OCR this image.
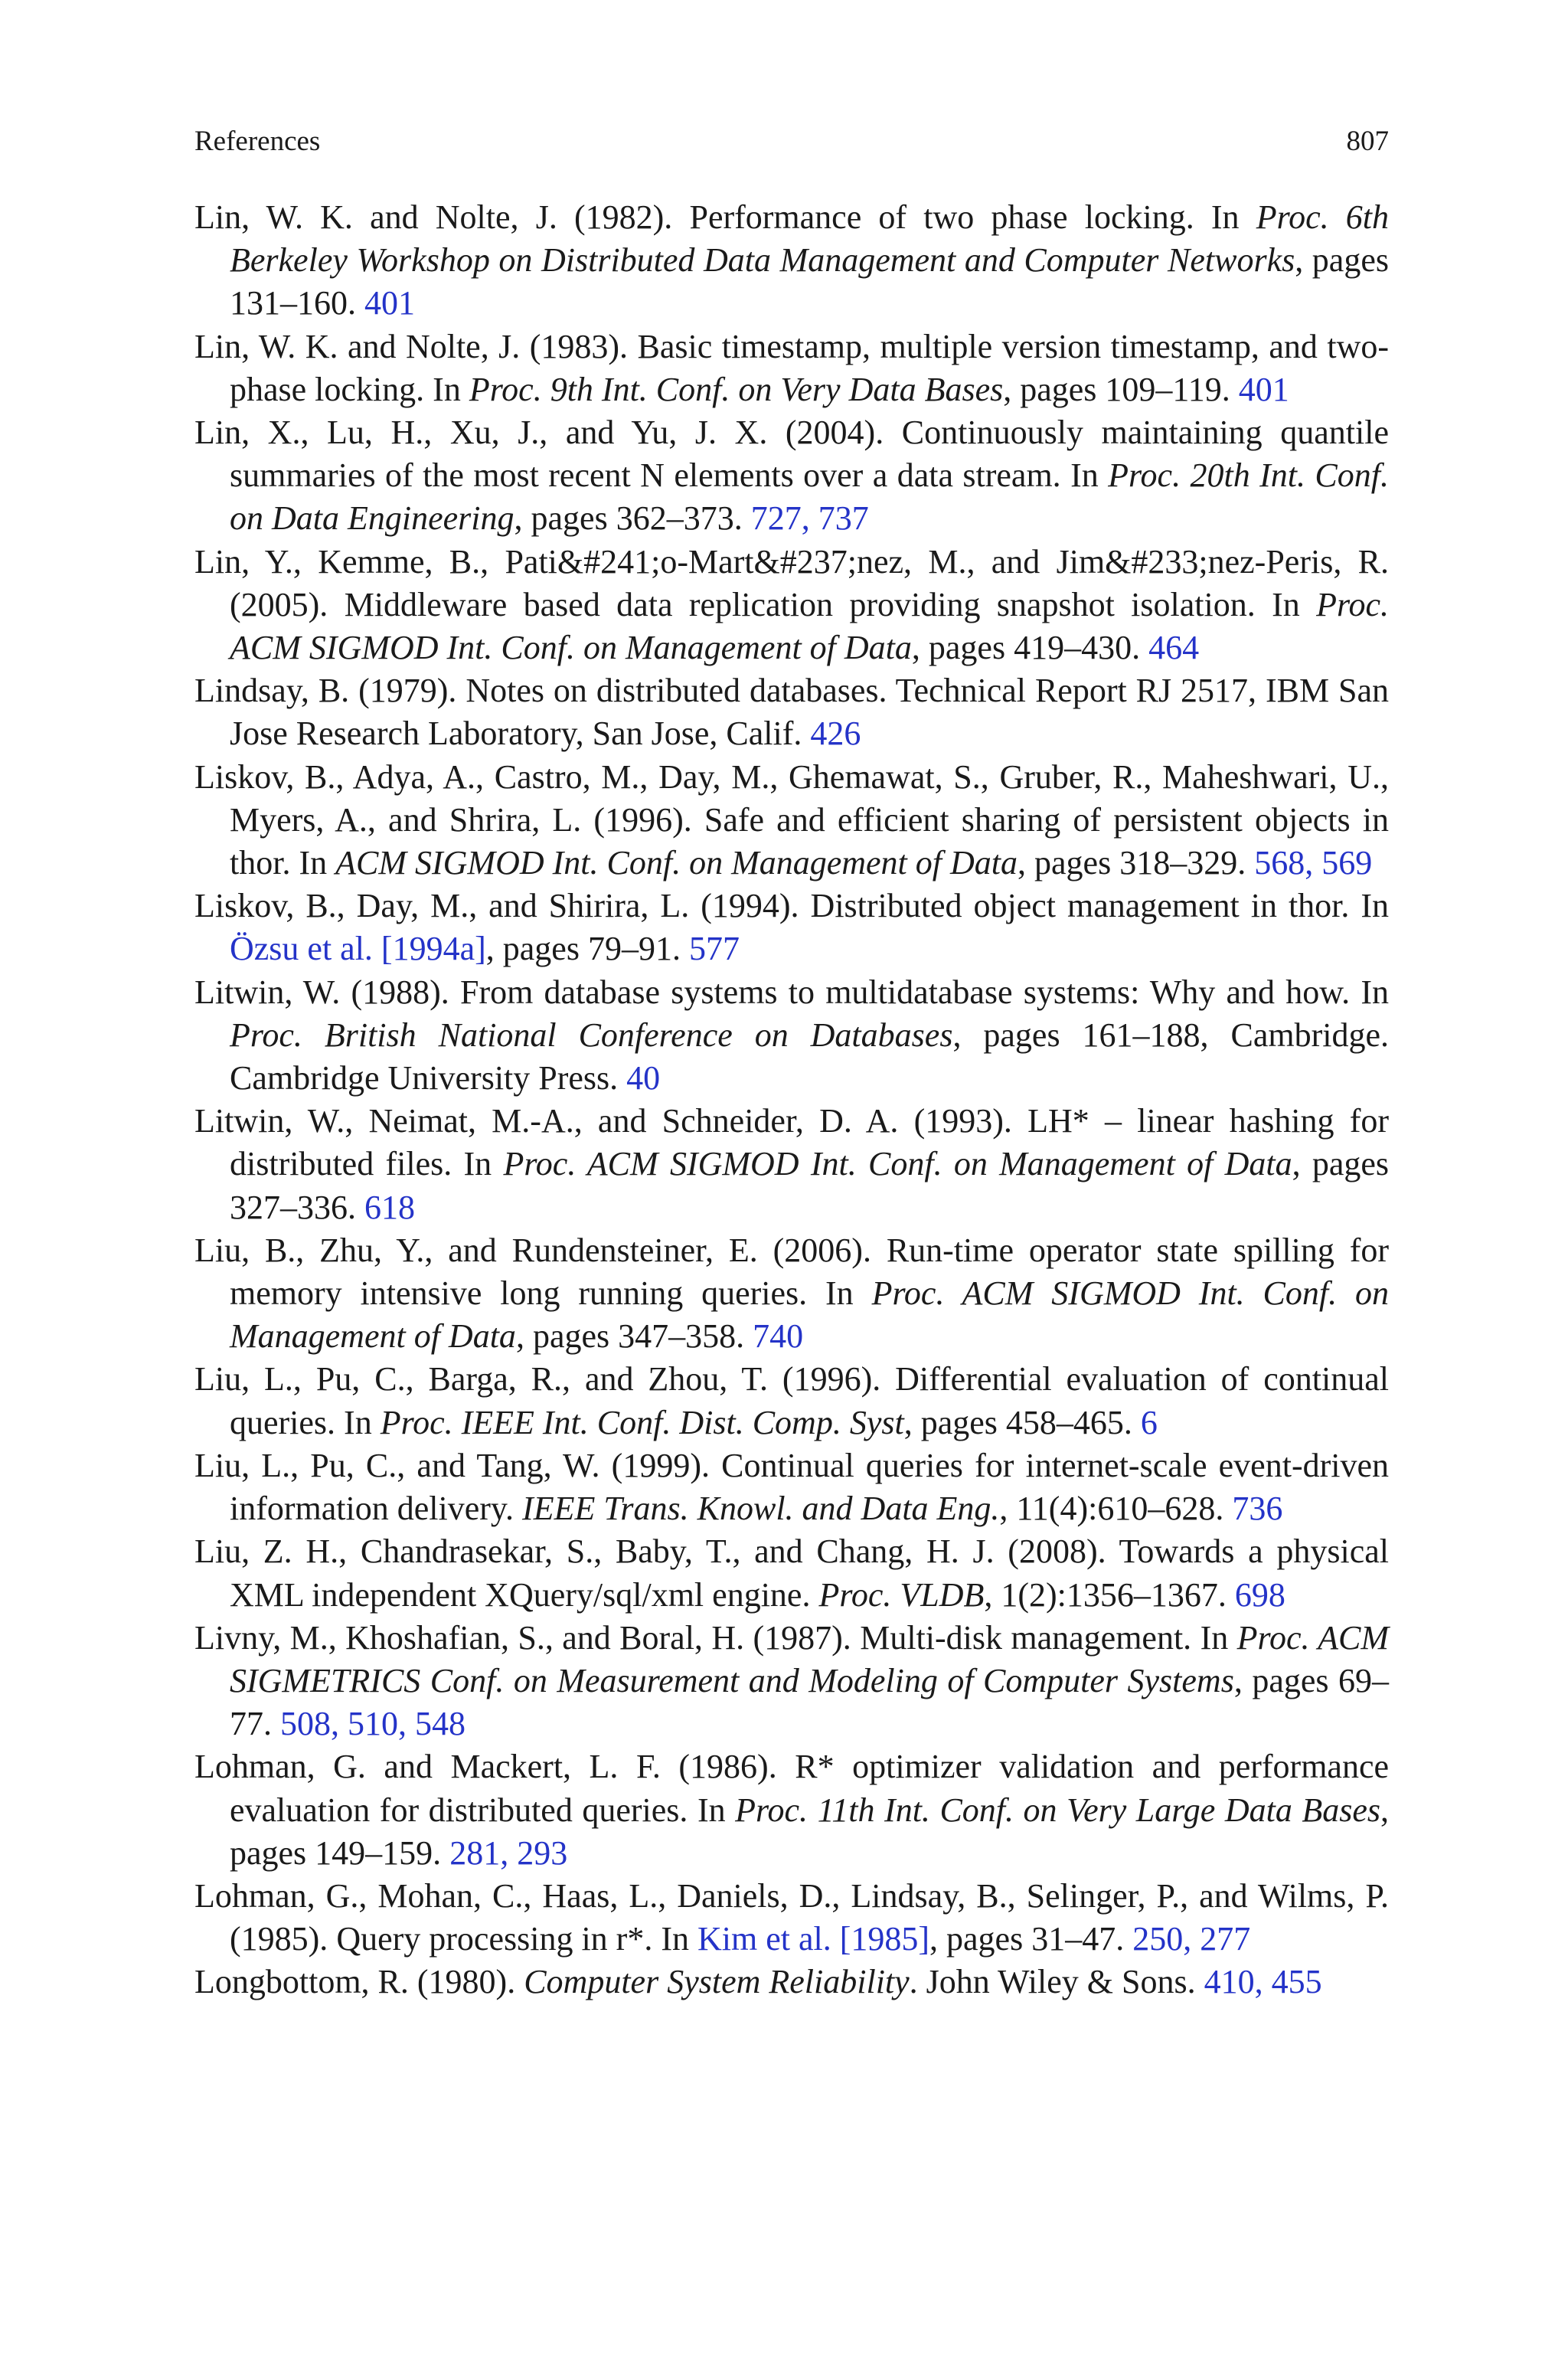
References	807
Lin, W. K. and Nolte, J. (1982). Performance of two phase locking. In Proc. 6th Berkeley Workshop on Distributed Data Management and Computer Networks, pages 131–160. 401
Lin, W. K. and Nolte, J. (1983). Basic timestamp, multiple version timestamp, and two-phase locking. In Proc. 9th Int. Conf. on Very Data Bases, pages 109–119. 401
Lin, X., Lu, H., Xu, J., and Yu, J. X. (2004). Continuously maintaining quantile summaries of the most recent N elements over a data stream. In Proc. 20th Int. Conf. on Data Engineering, pages 362–373. 727, 737
Lin, Y., Kemme, B., Pati&#241;o-Mart&#237;nez, M., and Jim&#233;nez-Peris, R. (2005). Middleware based data replication providing snapshot isolation. In Proc. ACM SIGMOD Int. Conf. on Management of Data, pages 419–430. 464
Lindsay, B. (1979). Notes on distributed databases. Technical Report RJ 2517, IBM San Jose Research Laboratory, San Jose, Calif. 426
Liskov, B., Adya, A., Castro, M., Day, M., Ghemawat, S., Gruber, R., Maheshwari, U., Myers, A., and Shrira, L. (1996). Safe and efficient sharing of persistent objects in thor. In ACM SIGMOD Int. Conf. on Management of Data, pages 318–329. 568, 569
Liskov, B., Day, M., and Shirira, L. (1994). Distributed object management in thor. In Özsu et al. [1994a], pages 79–91. 577
Litwin, W. (1988). From database systems to multidatabase systems: Why and how. In Proc. British National Conference on Databases, pages 161–188, Cambridge. Cambridge University Press. 40
Litwin, W., Neimat, M.-A., and Schneider, D. A. (1993). LH* – linear hashing for distributed files. In Proc. ACM SIGMOD Int. Conf. on Management of Data, pages 327–336. 618
Liu, B., Zhu, Y., and Rundensteiner, E. (2006). Run-time operator state spilling for memory intensive long running queries. In Proc. ACM SIGMOD Int. Conf. on Management of Data, pages 347–358. 740
Liu, L., Pu, C., Barga, R., and Zhou, T. (1996). Differential evaluation of continual queries. In Proc. IEEE Int. Conf. Dist. Comp. Syst, pages 458–465. 6
Liu, L., Pu, C., and Tang, W. (1999). Continual queries for internet-scale event-driven information delivery. IEEE Trans. Knowl. and Data Eng., 11(4):610–628. 736
Liu, Z. H., Chandrasekar, S., Baby, T., and Chang, H. J. (2008). Towards a physical XML independent XQuery/sql/xml engine. Proc. VLDB, 1(2):1356–1367. 698
Livny, M., Khoshafian, S., and Boral, H. (1987). Multi-disk management. In Proc. ACM SIGMETRICS Conf. on Measurement and Modeling of Computer Systems, pages 69–77. 508, 510, 548
Lohman, G. and Mackert, L. F. (1986). R* optimizer validation and performance evaluation for distributed queries. In Proc. 11th Int. Conf. on Very Large Data Bases, pages 149–159. 281, 293
Lohman, G., Mohan, C., Haas, L., Daniels, D., Lindsay, B., Selinger, P., and Wilms, P. (1985). Query processing in r*. In Kim et al. [1985], pages 31–47. 250, 277
Longbottom, R. (1980). Computer System Reliability. John Wiley & Sons. 410, 455
